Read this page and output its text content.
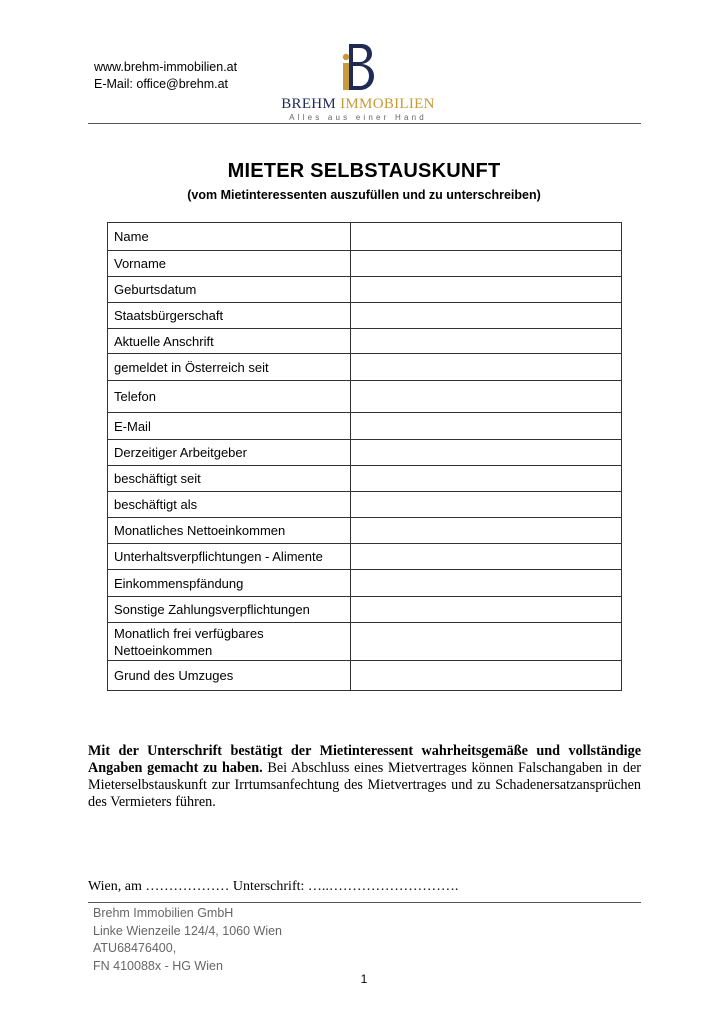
www.brehm-immobilien.at
E-Mail: office@brehm.at
BREHM IMMOBILIEN
Alles aus einer Hand
MIETER SELBSTAUSKUNFT
(vom Mietinteressenten auszufüllen und zu unterschreiben)
Name	
Vorname	
Geburtsdatum	
Staatsbürgerschaft	
Aktuelle Anschrift	
gemeldet in Österreich seit	
Telefon	
E-Mail	
Derzeitiger Arbeitgeber	
beschäftigt seit	
beschäftigt als	
Monatliches Nettoeinkommen	
Unterhaltsverpflichtungen - Alimente	
Einkommenspfändung	
Sonstige Zahlungsverpflichtungen	
Monatlich frei verfügbares Nettoeinkommen	
Grund des Umzuges	
Mit der Unterschrift bestätigt der Mietinteressent wahrheitsgemäße und vollständige Angaben gemacht zu haben. Bei Abschluss eines Mietvertrages können Falschangaben in der Mieterselbstauskunft zur Irrtumsanfechtung des Mietvertrages und zu Schadenersatzansprüchen des Vermieters führen.
Wien, am ……………… Unterschrift: …..……………………….
Brehm Immobilien GmbH
Linke Wienzeile 124/4, 1060 Wien
ATU68476400,
FN 410088x - HG Wien
1
